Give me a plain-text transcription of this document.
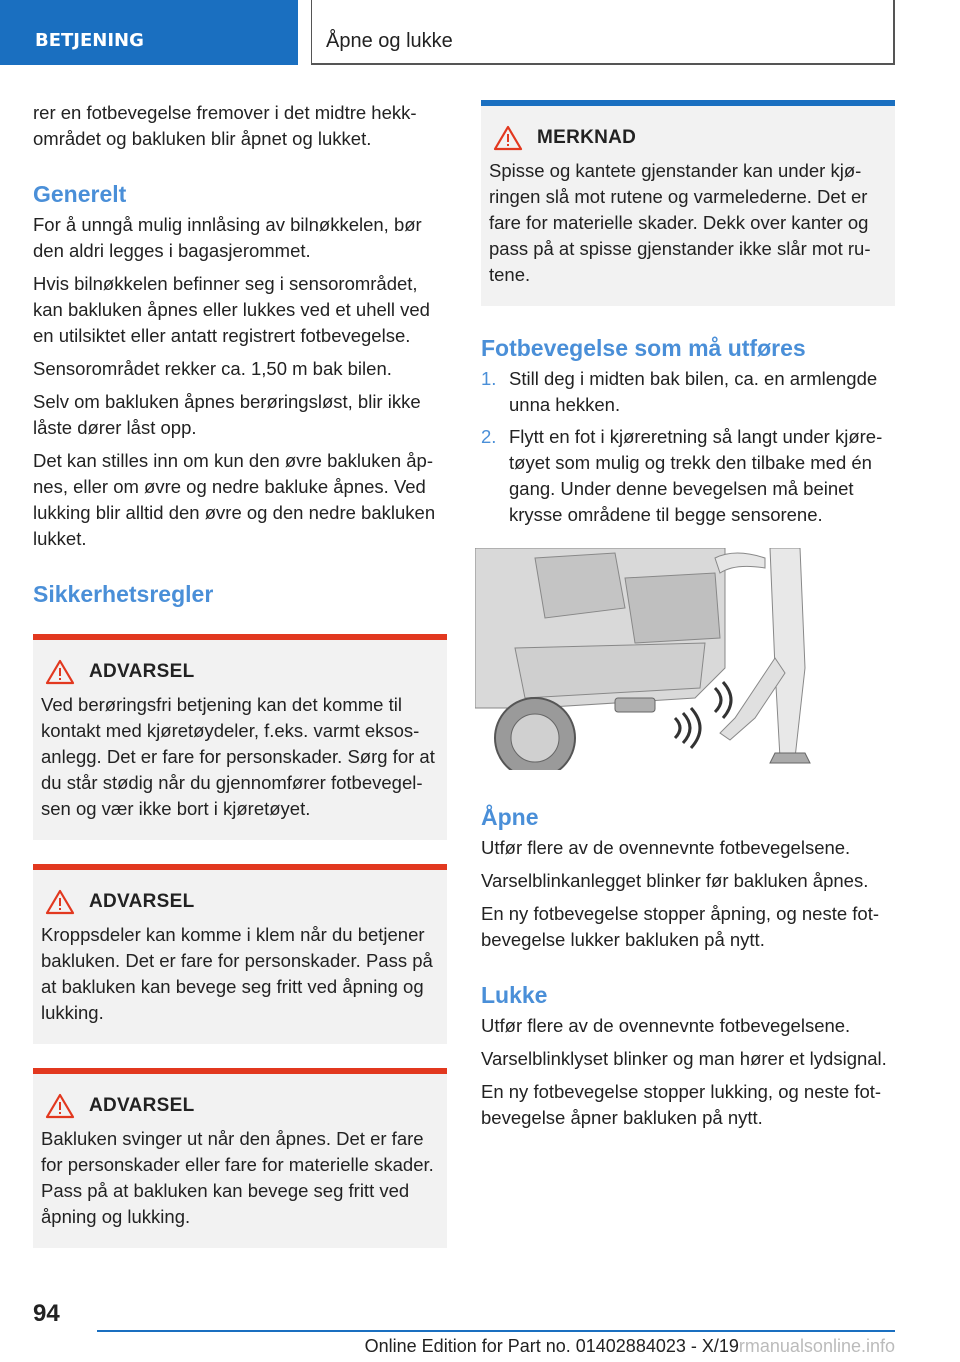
BETJENING	Åpne og lukke

rer en fotbevegelse fremover i det midtre hekk-området og bakluken blir åpnet og lukket.

Generelt

For å unngå mulig innlåsing av bilnøkkelen, bør den aldri legges i bagasjerommet.

Hvis bilnøkkelen befinner seg i sensorområdet, kan bakluken åpnes eller lukkes ved et uhell ved en utilsiktet eller antatt registrert fotbevegelse.

Sensorområdet rekker ca. 1,50 m bak bilen.

Selv om bakluken åpnes berøringsløst, blir ikke låste dører låst opp.

Det kan stilles inn om kun den øvre bakluken åp-nes, eller om øvre og nedre bakluke åpnes. Ved lukking blir alltid den øvre og den nedre bakluken lukket.

Sikkerhetsregler
ADVARSEL

Ved berøringsfri betjening kan det komme til kontakt med kjøretøydeler, f.eks. varmt eksos-anlegg. Det er fare for personskader. Sørg for at du står stødig når du gjennomfører fotbevegel-sen og vær ikke bort i kjøretøyet.

ADVARSEL

Kroppsdeler kan komme i klem når du betjener bakluken. Det er fare for personskader. Pass på at bakluken kan bevege seg fritt ved åpning og lukking.

ADVARSEL

Bakluken svinger ut når den åpnes. Det er fare for personskader eller fare for materielle skader. Pass på at bakluken kan bevege seg fritt ved åpning og lukking.

MERKNAD

Spisse og kantete gjenstander kan under kjø-ringen slå mot rutene og varmelederne. Det er fare for materielle skader. Dekk over kanter og pass på at spisse gjenstander ikke slår mot ru-tene.

Fotbevegelse som må utføres
1. Still deg i midten bak bilen, ca. en armlengde unna hekken.
2. Flytt en fot i kjøreretning så langt under kjøre-tøyet som mulig og trekk den tilbake med én gang. Under denne bevegelsen må beinet krysse områdene til begge sensorene.
Åpne

Utfør flere av de ovennevnte fotbevegelsene.

Varselblinkanlegget blinker før bakluken åpnes.

En ny fotbevegelse stopper åpning, og neste fot-bevegelse lukker bakluken på nytt.

Lukke

Utfør flere av de ovennevnte fotbevegelsene.

Varselblinklyset blinker og man hører et lydsignal.

En ny fotbevegelse stopper lukking, og neste fot-bevegelse åpner bakluken på nytt.

94
Online Edition for Part no. 01402884023 - X/19rmanualsonline.info
